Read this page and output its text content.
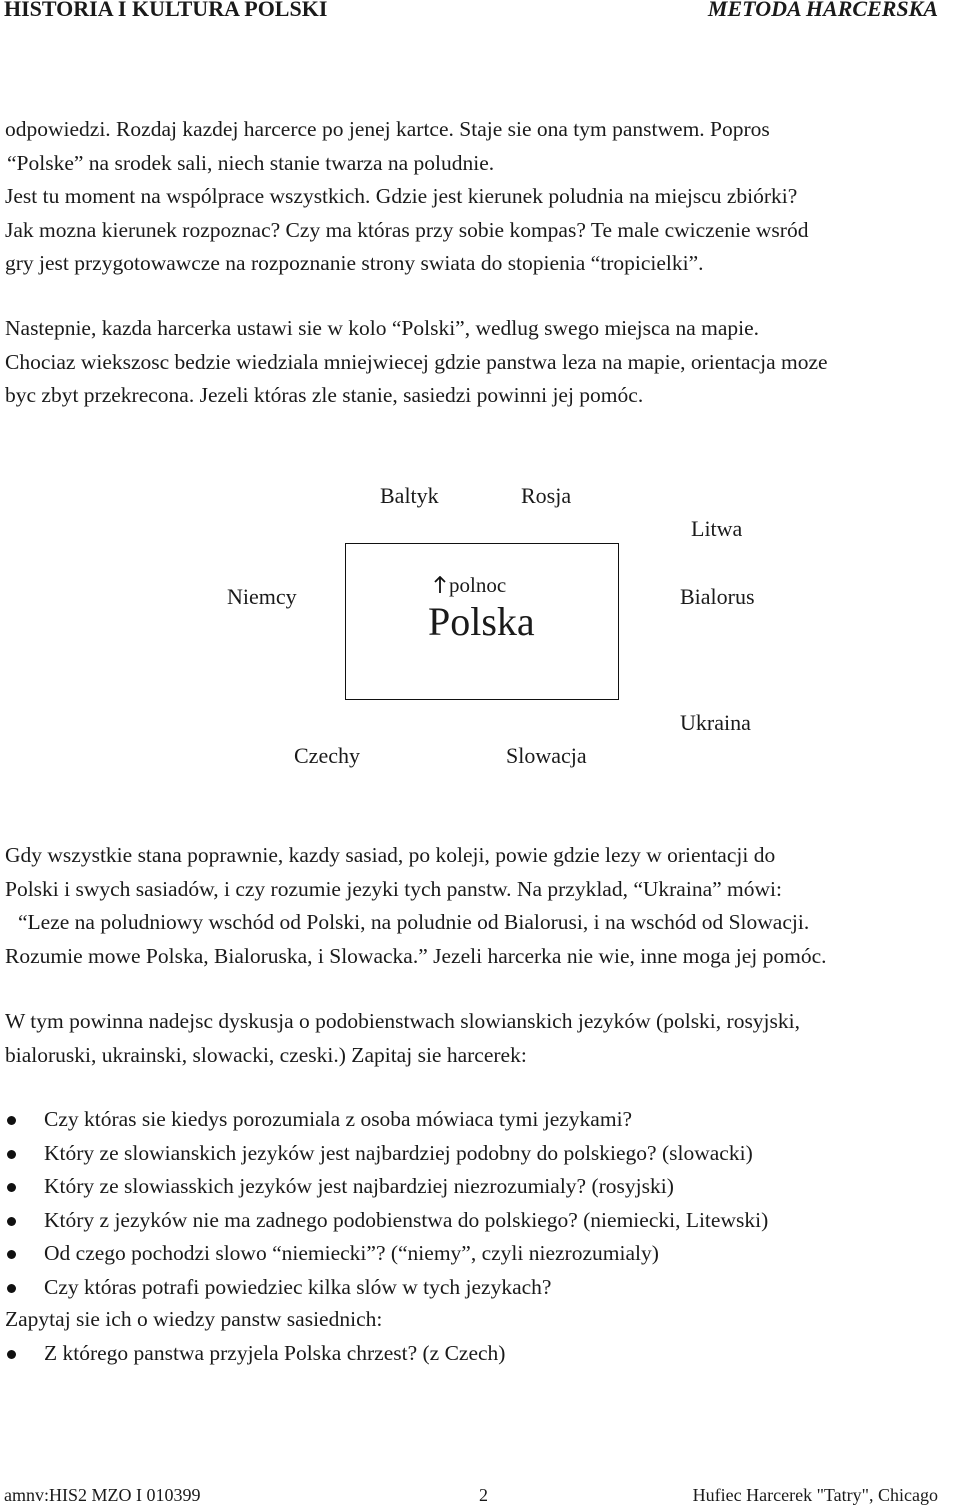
HISTORIA I KULTURA POLSKI	METODA HARCERSKA
odpowiedzi. Rozdaj kazdej harcerce po jenej kartce. Staje sie ona tym panstwem. Popros
“Polske” na srodek sali, niech stanie twarza na poludnie.
Jest tu moment na wspólprace wszystkich. Gdzie jest kierunek poludnia na miejscu zbiórki?
Jak mozna kierunek rozpoznac? Czy ma któras przy sobie kompas? Te male cwiczenie wsród
gry jest przygotowawcze na rozpoznanie strony swiata do stopienia “tropicielki”.
Nastepnie, kazda harcerka ustawi sie w kolo “Polski”, wedlug swego miejsca na mapie.
Chociaz wiekszosc bedzie wiedziala mniejwiecej gdzie panstwa leza na mapie, orientacja moze
byc zbyt przekrecona. Jezeli któras zle stanie, sasiedzi powinni jej pomóc.
Baltyk	Rosja
Litwa
Niemcy	polnoc
Polska
Bialorus
Ukraina
Czechy	Slowacja
Gdy wszystkie stana poprawnie, kazdy sasiad, po koleji, powie gdzie lezy w orientacji do
Polski i swych sasiadów, i czy rozumie jezyki tych panstw. Na przyklad, “Ukraina” mówi:
“Leze na poludniowy wschód od Polski, na poludnie od Bialorusi, i na wschód od Slowacji.
Rozumie mowe Polska, Bialoruska, i Slowacka.” Jezeli harcerka nie wie, inne moga jej pomóc.
W tym powinna nadejsc dyskusja o podobienstwach slowianskich jezyków (polski, rosyjski,
bialoruski, ukrainski, slowacki, czeski.) Zapitaj sie harcerek:
Czy któras sie kiedys porozumiala z osoba mówiaca tymi jezykami?
Który ze slowianskich jezyków jest najbardziej podobny do polskiego? (slowacki)
Który ze slowiasskich jezyków jest najbardziej niezrozumialy? (rosyjski)
Który z jezyków nie ma zadnego podobienstwa do polskiego? (niemiecki, Litewski)
Od czego pochodzi slowo “niemiecki”? (“niemy”, czyli niezrozumialy)
Czy któras potrafi powiedziec kilka slów w tych jezykach?
Zapytaj sie ich o wiedzy panstw sasiednich:
Z którego panstwa przyjela Polska chrzest? (z Czech)
amnv:HIS2 MZO I 010399	2	Hufiec Harcerek "Tatry", Chicago
